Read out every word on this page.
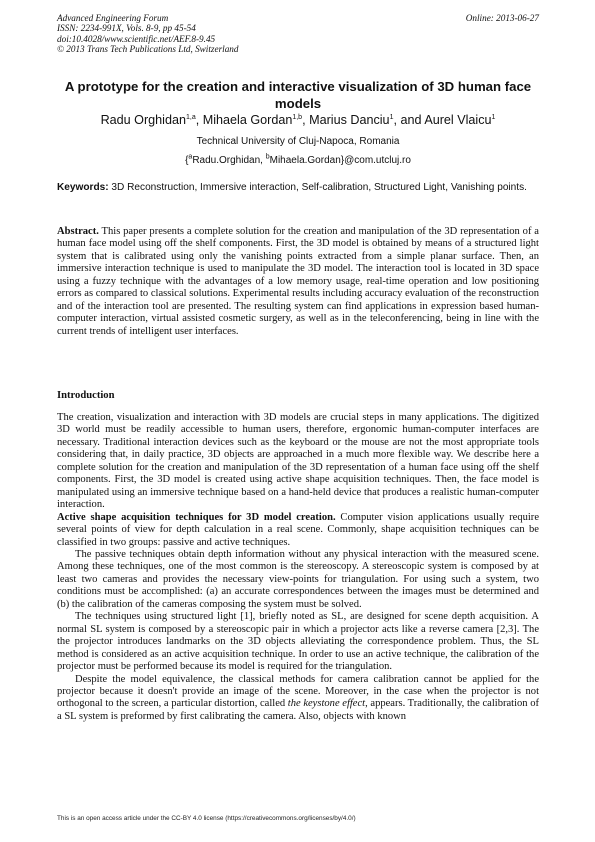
Advanced Engineering Forum
ISSN: 2234-991X, Vols. 8-9, pp 45-54
doi:10.4028/www.scientific.net/AEF.8-9.45
© 2013 Trans Tech Publications Ltd, Switzerland
Online: 2013-06-27
A prototype for the creation and interactive visualization of 3D human face models
Radu Orghidan$^{1,a}$, Mihaela Gordan$^{1,b}$, Marius Danciu$^1$, and Aurel Vlaicu$^1$
Technical University of Cluj-Napoca, Romania
{$^a$Radu.Orghidan, $^b$Mihaela.Gordan}@com.utcluj.ro
Keywords: 3D Reconstruction, Immersive interaction, Self-calibration, Structured Light, Vanishing points.

Abstract. This paper presents a complete solution for the creation and manipulation of the 3D representation of a human face model using off the shelf components. First, the 3D model is obtained by means of a structured light system that is calibrated using only the vanishing points extracted from a simple planar surface. Then, an immersive interaction technique is used to manipulate the 3D model. The interaction tool is located in 3D space using a fuzzy technique with the advantages of a low memory usage, real-time operation and low positioning errors as compared to classical solutions. Experimental results including accuracy evaluation of the reconstruction and of the interaction tool are presented. The resulting system can find applications in expression based human-computer interaction, virtual assisted cosmetic surgery, as well as in the teleconferencing, being in line with the current trends of intelligent user interfaces.

Introduction

The creation, visualization and interaction with 3D models are crucial steps in many applications. The digitized 3D world must be readily accessible to human users, therefore, ergonomic human-computer interfaces are necessary. Traditional interaction devices such as the keyboard or the mouse are not the most appropriate tools considering that, in daily practice, 3D objects are approached in a much more flexible way. We describe here a complete solution for the creation and manipulation of the 3D representation of a human face using off the shelf components. First, the 3D model is created using active shape acquisition techniques. Then, the face model is manipulated using an immersive technique based on a hand-held device that produces a realistic human-computer interaction.

Active shape acquisition techniques for 3D model creation. Computer vision applications usually require several points of view for depth calculation in a real scene. Commonly, shape acquisition techniques can be classified in two groups: passive and active techniques.

The passive techniques obtain depth information without any physical interaction with the measured scene. Among these techniques, one of the most common is the stereoscopy. A stereoscopic system is composed by at least two cameras and provides the necessary view-points for triangulation. For using such a system, two conditions must be accomplished: (a) an accurate correspondences between the images must be determined and (b) the calibration of the cameras composing the system must be solved.

The techniques using structured light [1], briefly noted as SL, are designed for scene depth acquisition. A normal SL system is composed by a stereoscopic pair in which a projector acts like a reverse camera [2,3]. The the projector introduces landmarks on the 3D objects alleviating the correspondence problem. Thus, the SL method is considered as an active acquisition technique. In order to use an active technique, the calibration of the projector must be performed because its model is required for the triangulation.

Despite the model equivalence, the classical methods for camera calibration cannot be applied for the projector because it doesn't provide an image of the scene. Moreover, in the case when the projector is not orthogonal to the screen, a particular distortion, called the keystone effect, appears. Traditionally, the calibration of a SL system is preformed by first calibrating the camera. Also, objects with known

This is an open access article under the CC-BY 4.0 license (https://creativecommons.org/licenses/by/4.0/)
